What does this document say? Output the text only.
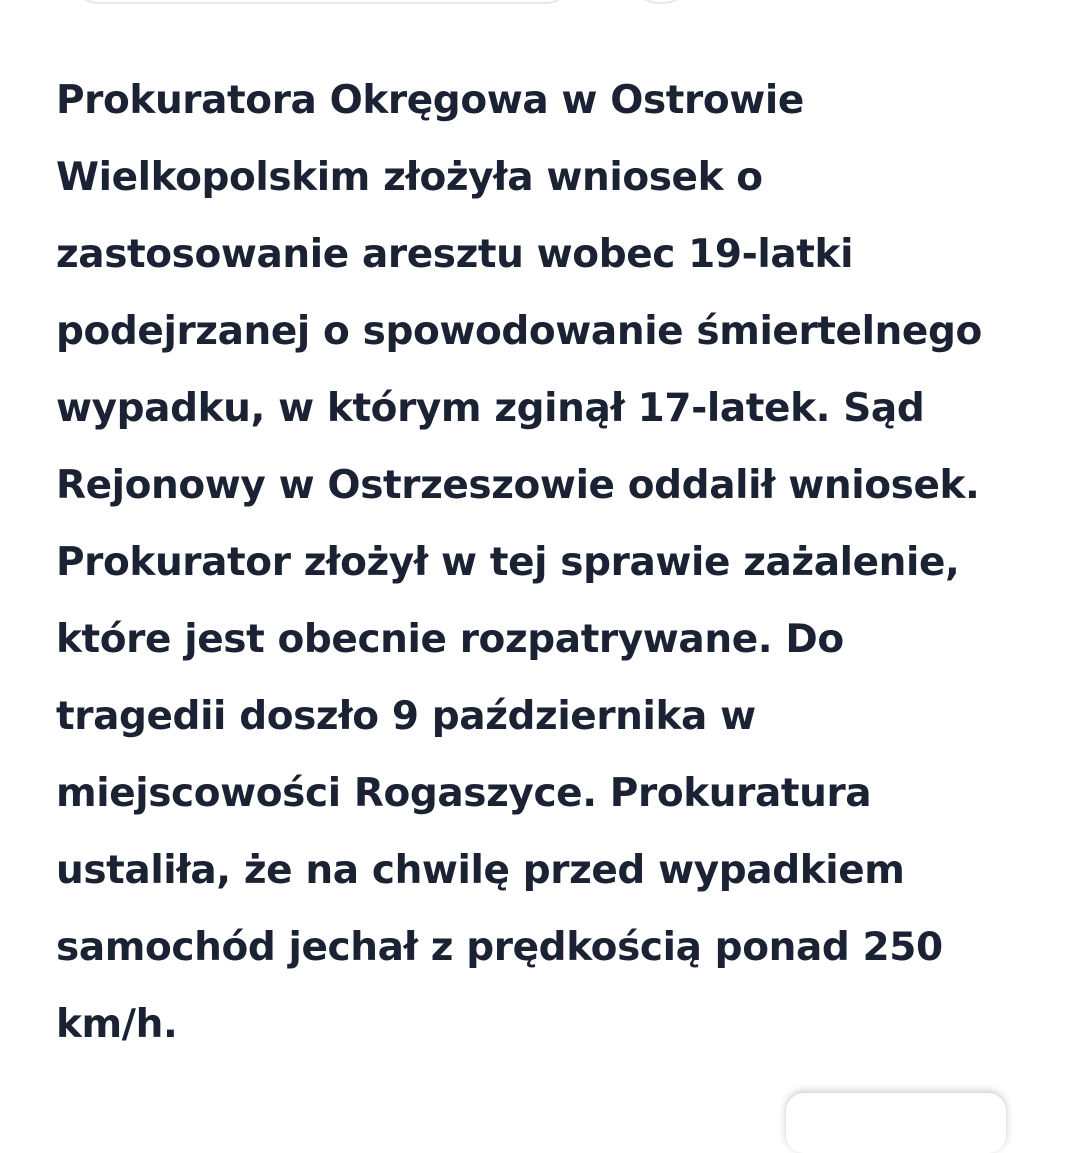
Prokuratora Okręgowa w Ostrowie
Wielkopolskim złożyła wniosek o
zastosowanie aresztu wobec 19-latki
podejrzanej o spowodowanie śmiertelnego
wypadku, w którym zginął 17-latek. Sąd
Rejonowy w Ostrzeszowie oddalił wniosek.
Prokurator złożył w tej sprawie zażalenie,
które jest obecnie rozpatrywane. Do
tragedii doszło 9 października w
miejscowości Rogaszyce. Prokuratura
ustaliła, że na chwilę przed wypadkiem
samochód jechał z prędkością ponad 250
km/h.
